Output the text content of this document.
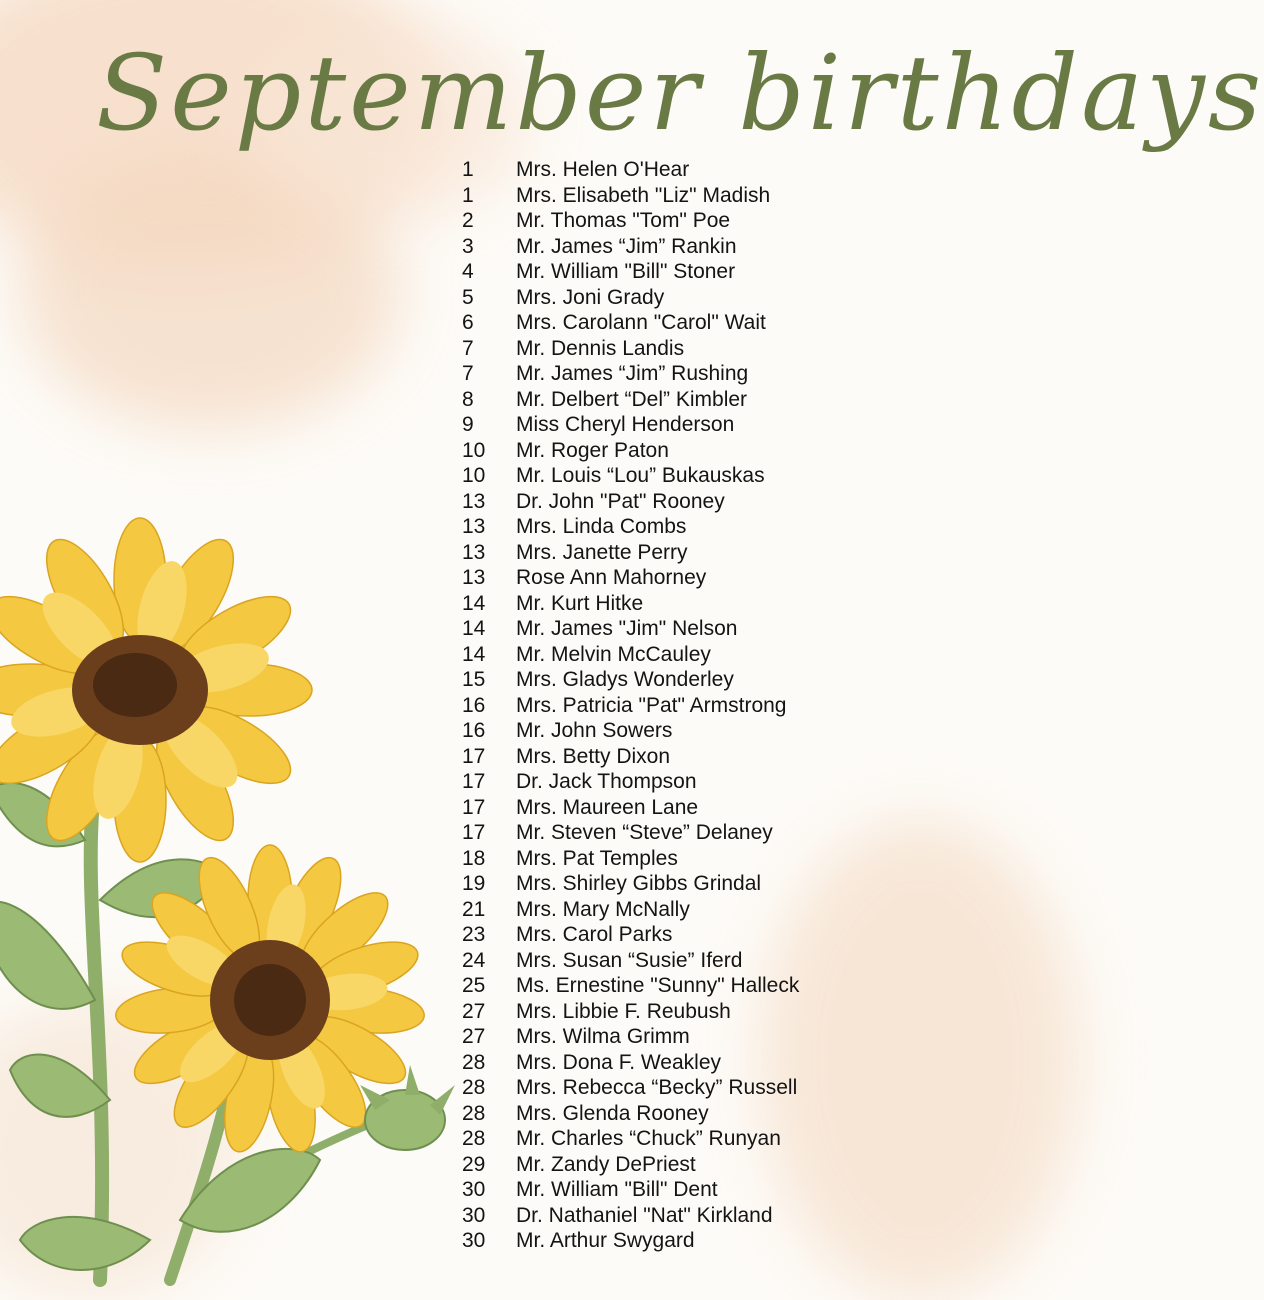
September birthdays
1	Mrs. Helen O'Hear
1	Mrs. Elisabeth "Liz" Madish
2	Mr. Thomas "Tom" Poe
3	Mr. James “Jim” Rankin
4	Mr. William "Bill" Stoner
5	Mrs. Joni Grady
6	Mrs. Carolann "Carol" Wait
7	Mr. Dennis Landis
7	Mr. James “Jim” Rushing
8	Mr. Delbert “Del” Kimbler
9	Miss Cheryl Henderson
10	Mr. Roger Paton
10	Mr. Louis “Lou” Bukauskas
13	Dr. John "Pat" Rooney
13	Mrs. Linda Combs
13	Mrs. Janette Perry
13	Rose Ann Mahorney
14	Mr. Kurt Hitke
14	Mr. James "Jim" Nelson
14	Mr. Melvin McCauley
15	Mrs. Gladys Wonderley
16	Mrs. Patricia "Pat" Armstrong
16	Mr. John Sowers
17	Mrs. Betty Dixon
17	Dr. Jack Thompson
17	Mrs. Maureen Lane
17	Mr. Steven “Steve” Delaney
18	Mrs. Pat Temples
19	Mrs. Shirley Gibbs Grindal
21	Mrs. Mary McNally
23	Mrs. Carol Parks
24	Mrs. Susan “Susie” Iferd
25	Ms. Ernestine "Sunny" Halleck
27	Mrs. Libbie F. Reubush
27	Mrs. Wilma Grimm
28	Mrs. Dona F. Weakley
28	Mrs. Rebecca “Becky” Russell
28	Mrs. Glenda Rooney
28	Mr. Charles “Chuck” Runyan
29	Mr. Zandy DePriest
30	Mr. William "Bill" Dent
30	Dr. Nathaniel "Nat" Kirkland
30	Mr. Arthur Swygard
